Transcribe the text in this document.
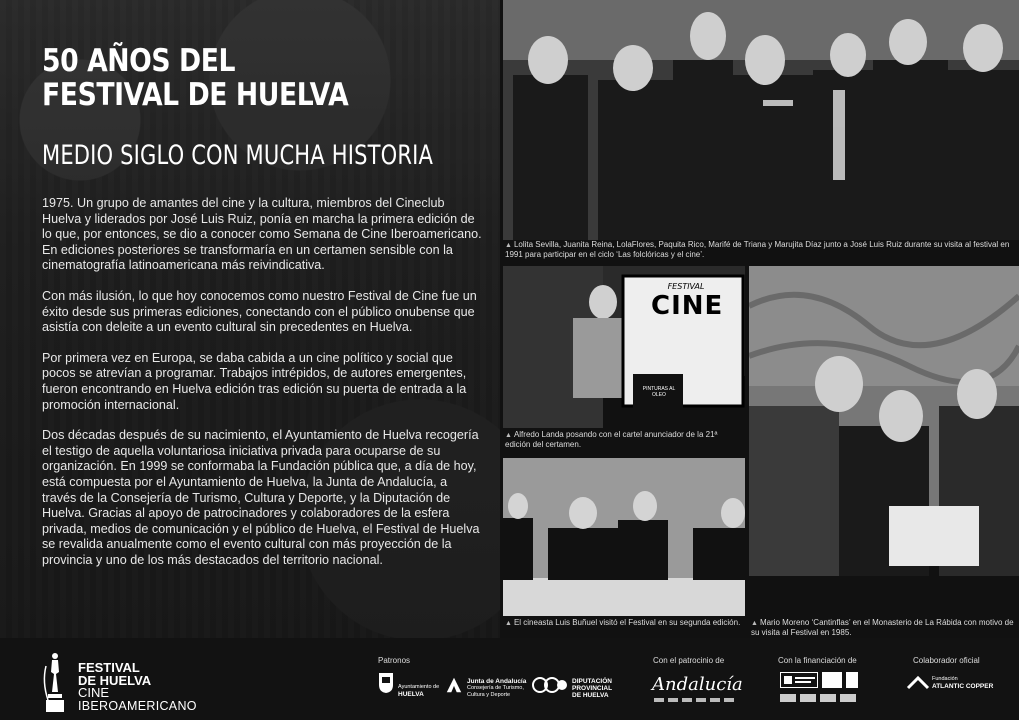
50 AÑOS DEL
FESTIVAL DE HUELVA
MEDIO SIGLO CON MUCHA HISTORIA

1975. Un grupo de amantes del cine y la cultura, miembros del Cineclub Huelva y liderados por José Luis Ruiz, ponía en marcha la primera edición de lo que, por entonces, se dio a conocer como Semana de Cine Iberoamericano. En ediciones posteriores se transformaría en un certamen sensible con la cinematografía latinoamericana más reivindicativa.

Con más ilusión, lo que hoy conocemos como nuestro Festival de Cine fue un éxito desde sus primeras ediciones, conectando con el público onubense que asistía con deleite a un evento cultural sin precedentes en Huelva.

Por primera vez en Europa, se daba cabida a un cine político y social que pocos se atrevían a programar. Trabajos intrépidos, de autores emergentes, fueron encontrando en Huelva edición tras edición su puerta de entrada a la promoción internacional.

Dos décadas después de su nacimiento, el Ayuntamiento de Huelva recogería el testigo de aquella voluntariosa iniciativa privada para ocuparse de su organización. En 1999 se conformaba la Fundación pública que, a día de hoy, está compuesta por el Ayuntamiento de Huelva, la Junta de Andalucía, a través de la Consejería de Turismo, Cultura y Deporte, y la Diputación de Huelva. Gracias al apoyo de patrocinadores y colaboradores de la esfera privada, medios de comunicación y el público de Huelva, el Festival de Huelva se revalida anualmente como el evento cultural con más proyección de la provincia y uno de los más destacados del territorio nacional.

▲ Lolita Sevilla, Juanita Reina, LolaFlores, Paquita Rico, Marifé de Triana y Marujita Díaz junto a José Luis Ruiz durante su visita al festival en 1991 para participar en el ciclo ‘Las folclóricas y el cine’.
FESTIVAL
CINE
PINTURAS AL OLEO
▲ Alfredo Landa posando con el cartel anunciador de la 21ª edición del certamen.
▲ El cineasta Luis Buñuel visitó el Festival en su segunda edición.	▲ Mario Moreno ‘Cantinflas’ en el Monasterio de La Rábida con motivo de su visita al Festival en 1985.
FESTIVAL
DE HUELVA
CINE
IBEROAMERICANO
Patronos	Con el patrocinio de	Con la financiación de	Colaborador oficial
Ayuntamiento de
HUELVA
Junta de Andalucía
Consejería de Turismo,
Cultura y Deporte
DIPUTACIÓN
PROVINCIAL
DE HUELVA
Andalucía	Fundación
ATLANTIC COPPER
